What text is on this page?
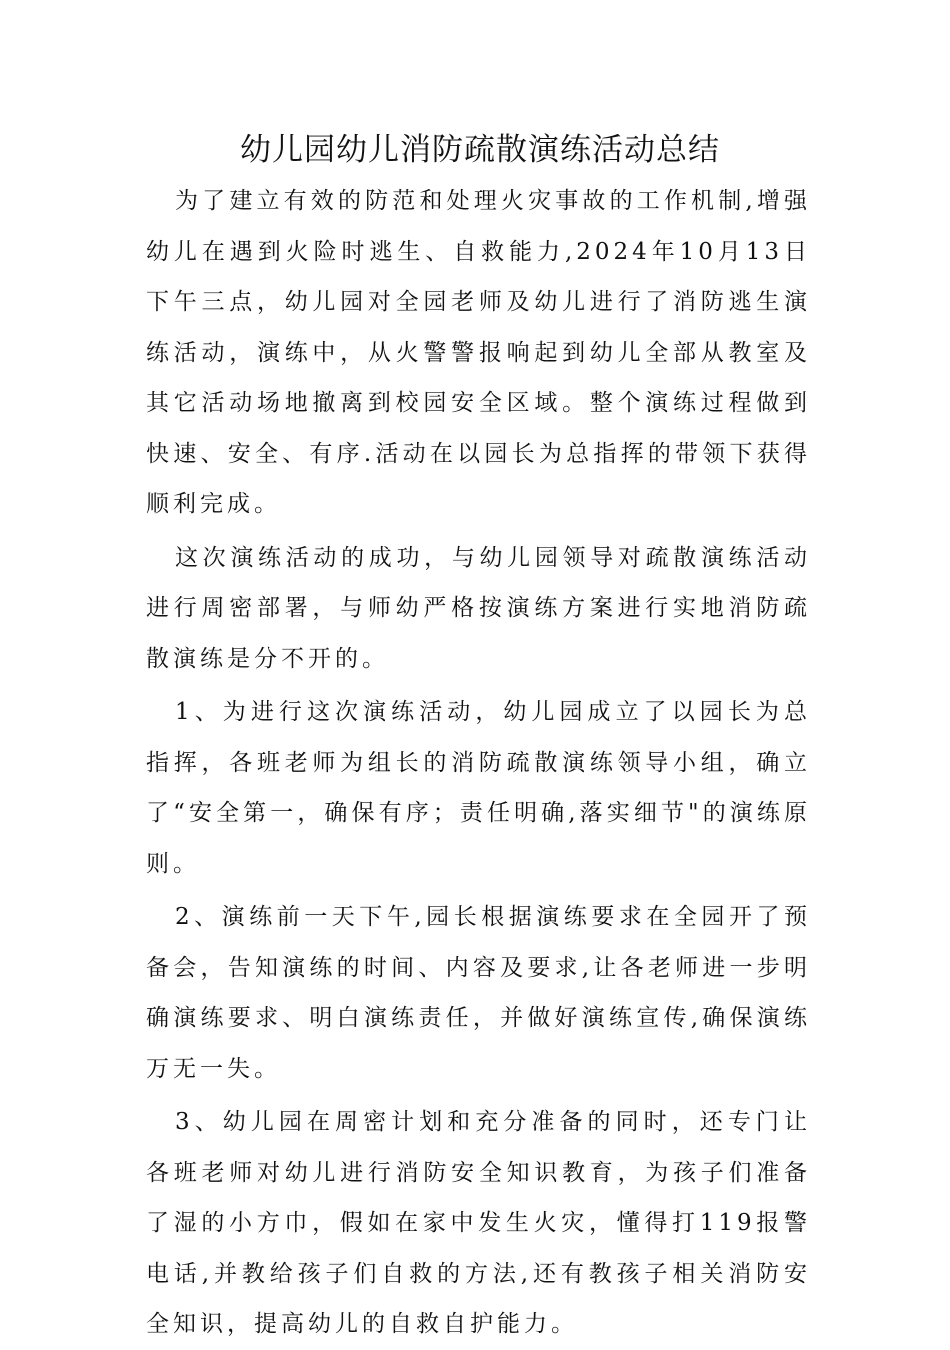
幼儿园幼儿消防疏散演练活动总结

为了建立有效的防范和处理火灾事故的工作机制,增强幼儿在遇到火险时逃生、自救能力,2024年10月13日下午三点，幼儿园对全园老师及幼儿进行了消防逃生演练活动，演练中，从火警警报响起到幼儿全部从教室及其它活动场地撤离到校园安全区域。整个演练过程做到快速、安全、有序.活动在以园长为总指挥的带领下获得顺利完成。

这次演练活动的成功，与幼儿园领导对疏散演练活动进行周密部署，与师幼严格按演练方案进行实地消防疏散演练是分不开的。

1、为进行这次演练活动，幼儿园成立了以园长为总指挥，各班老师为组长的消防疏散演练领导小组，确立了“安全第一，确保有序；责任明确,落实细节"的演练原则。

2、演练前一天下午,园长根据演练要求在全园开了预备会，告知演练的时间、内容及要求,让各老师进一步明确演练要求、明白演练责任，并做好演练宣传,确保演练万无一失。

3、幼儿园在周密计划和充分准备的同时，还专门让各班老师对幼儿进行消防安全知识教育，为孩子们准备了湿的小方巾，假如在家中发生火灾，懂得打119报警电话,并教给孩子们自救的方法,还有教孩子相关消防安全知识，提高幼儿的自救自护能力。
